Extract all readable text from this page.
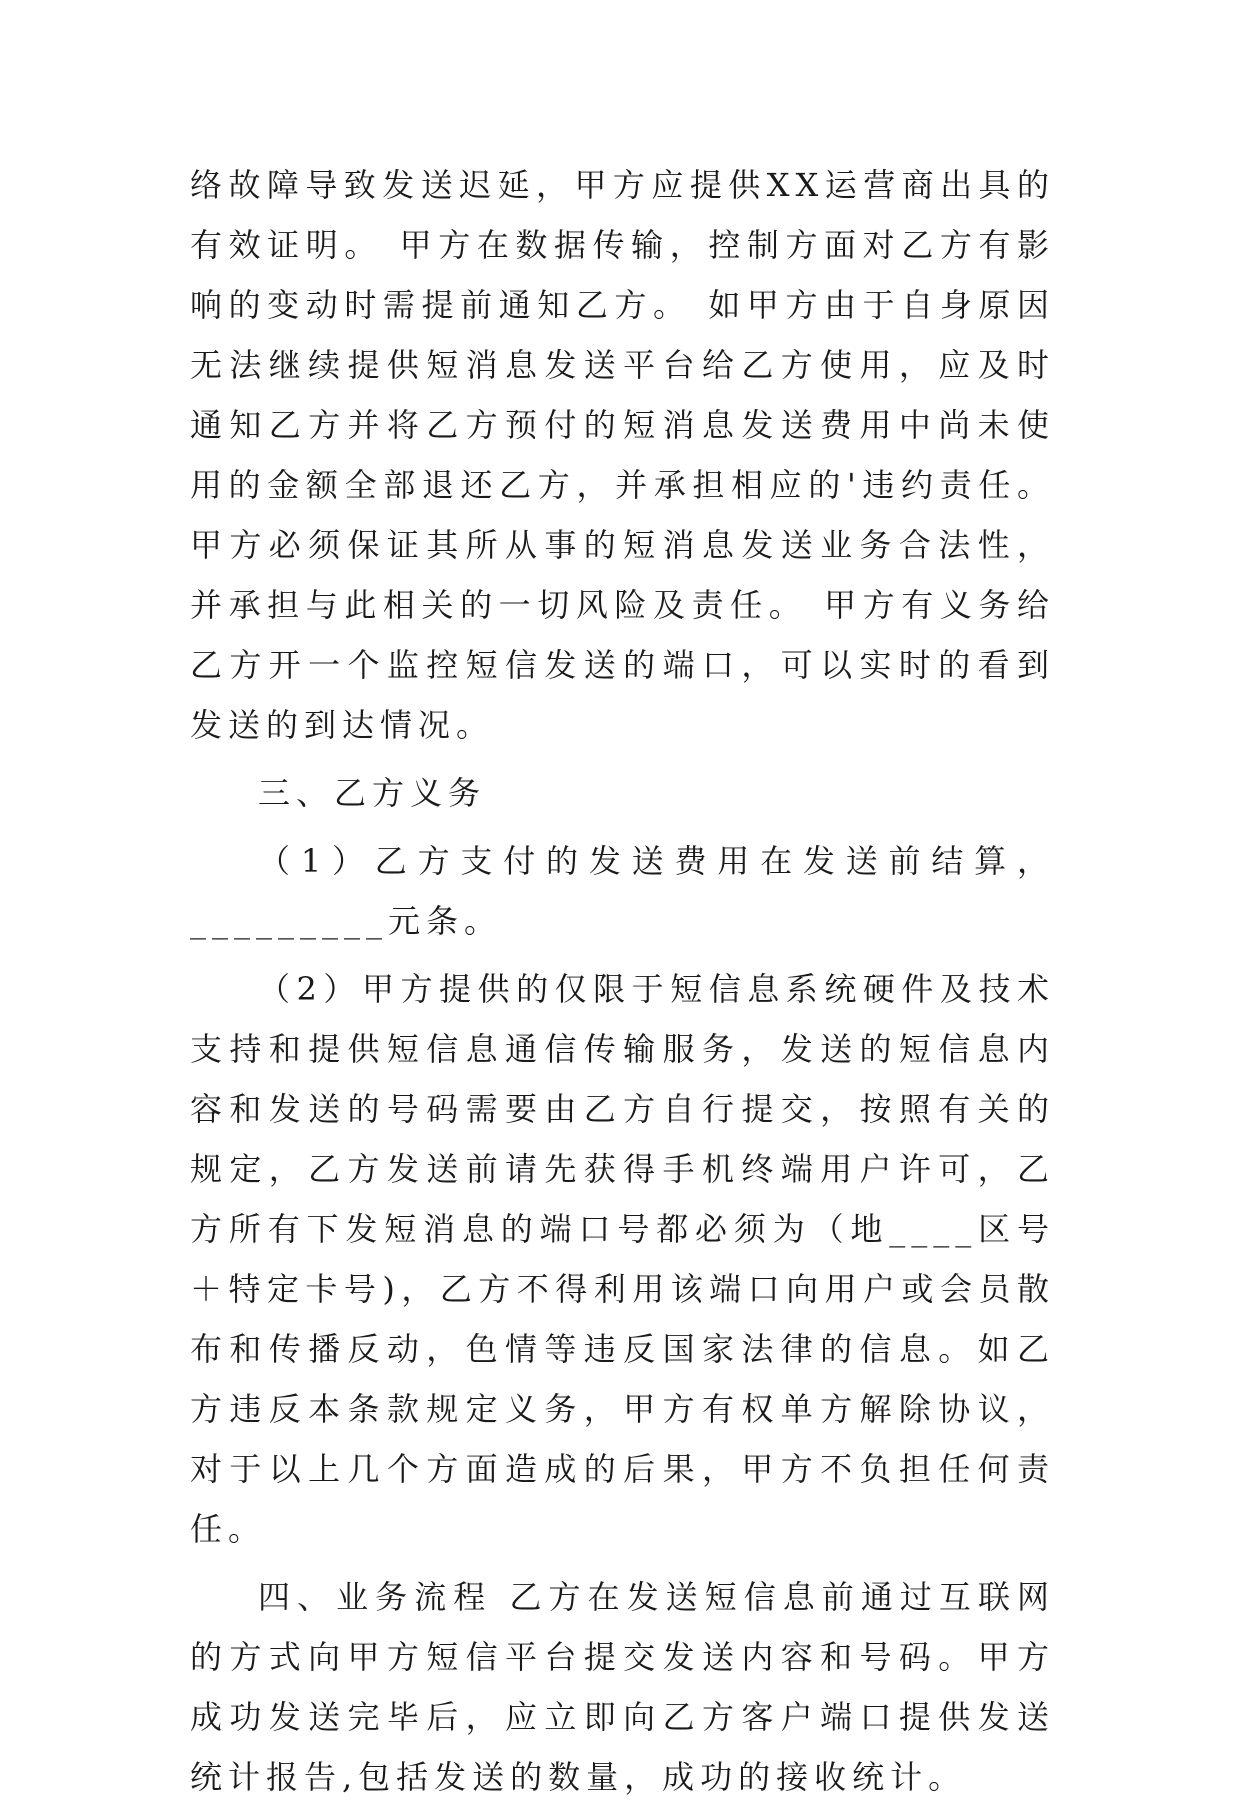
络故障导致发送迟延，甲方应提供XX运营商出具的有效证明。 甲方在数据传输，控制方面对乙方有影响的变动时需提前通知乙方。 如甲方由于自身原因无法继续提供短消息发送平台给乙方使用，应及时通知乙方并将乙方预付的短消息发送费用中尚未使用的金额全部退还乙方，并承担相应的'违约责任。 甲方必须保证其所从事的短消息发送业务合法性，并承担与此相关的一切风险及责任。 甲方有义务给乙方开一个监控短信发送的端口，可以实时的看到发送的到达情况。

三、乙方义务

（1）乙方支付的发送费用在发送前结算，_________元条。

（2）甲方提供的仅限于短信息系统硬件及技术支持和提供短信息通信传输服务，发送的短信息内容和发送的号码需要由乙方自行提交，按照有关的规定，乙方发送前请先获得手机终端用户许可，乙方所有下发短消息的端口号都必须为（地____区号＋特定卡号)，乙方不得利用该端口向用户或会员散布和传播反动，色情等违反国家法律的信息。如乙方违反本条款规定义务，甲方有权单方解除协议，对于以上几个方面造成的后果，甲方不负担任何责任。

四、业务流程 乙方在发送短信息前通过互联网的方式向甲方短信平台提交发送内容和号码。甲方成功发送完毕后，应立即向乙方客户端口提供发送统计报告,包括发送的数量，成功的接收统计。
